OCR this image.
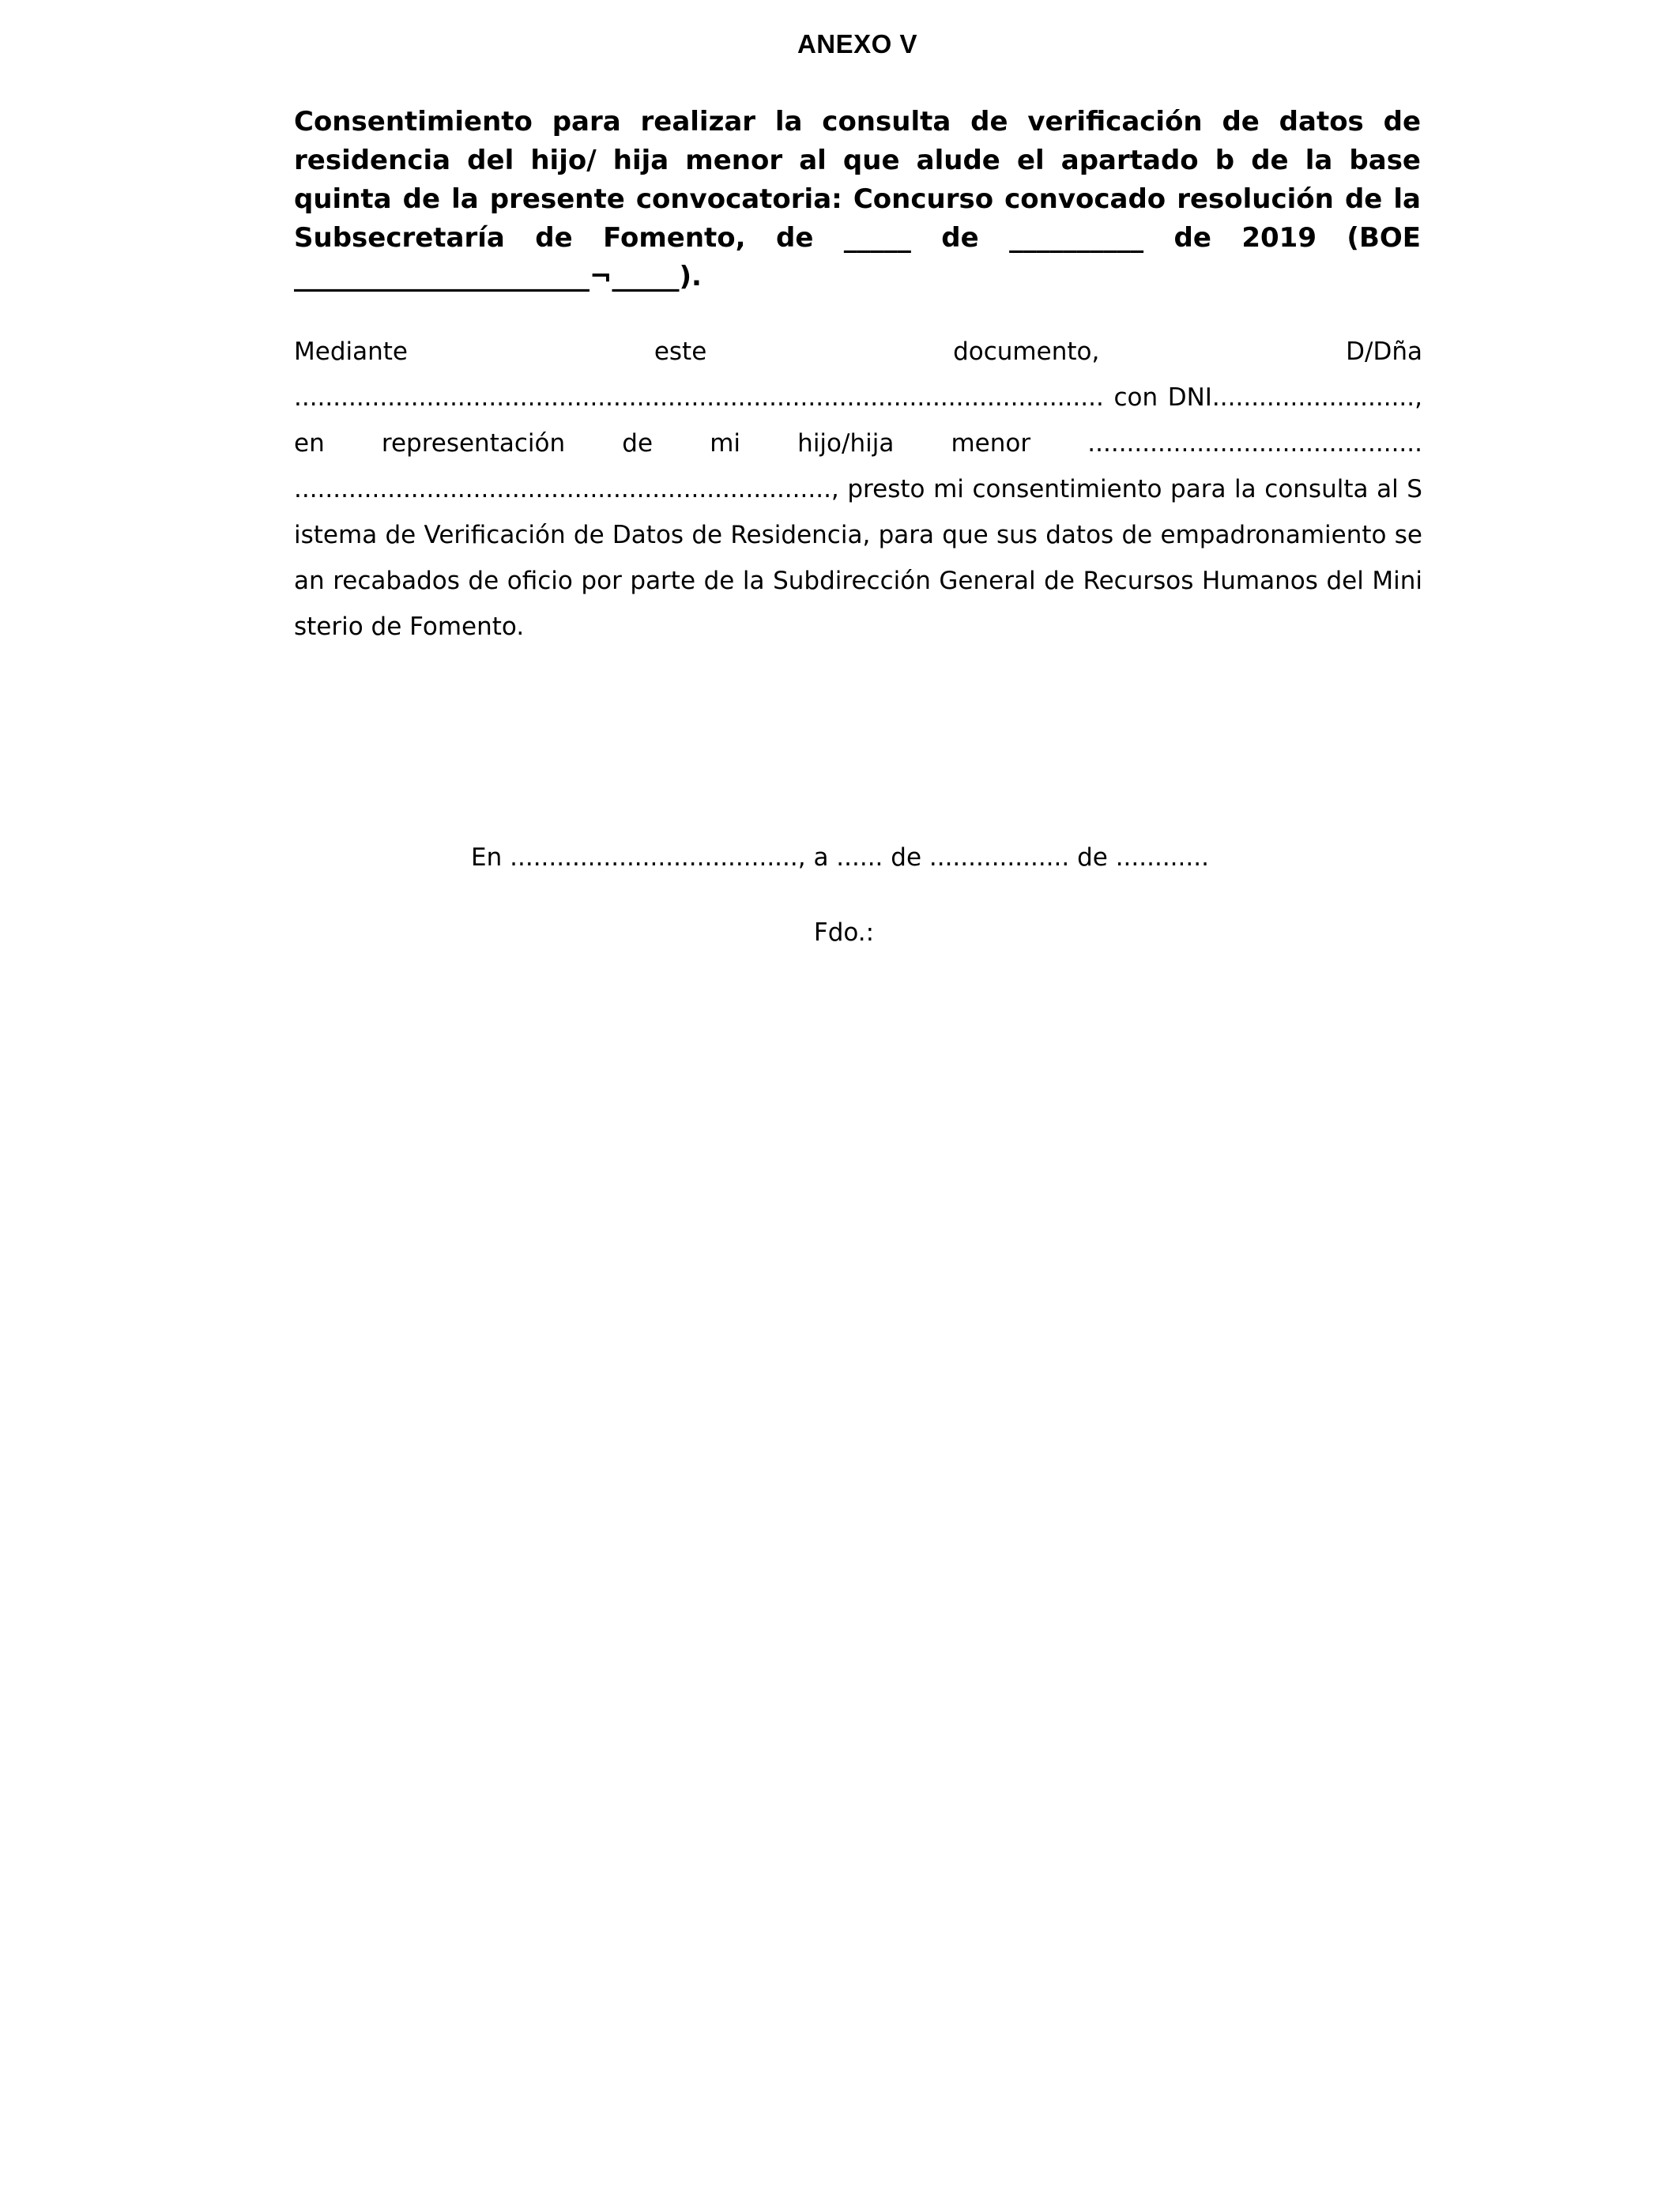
ANEXO V
Consentimiento para realizar la consulta de verificación de datos de residencia del hijo/ hija menor al que alude el apartado b de la base quinta de la presente convocatoria: Concurso convocado resolución de la Subsecretaría de Fomento, de _____ de __________ de 2019 (BOE ______________________¬_____).
Mediante este documento, D/Dña ........................................................................................................ con DNI.........................., en representación de mi hijo/hija menor ........................................... ....................................................................., presto mi consentimiento para la consulta al Sistema de Verificación de Datos de Residencia, para que sus datos de empadronamiento sean recabados de oficio por parte de la Subdirección General de Recursos Humanos del Ministerio de Fomento.
En ....................................., a ...... de .................. de ............
Fdo.:
